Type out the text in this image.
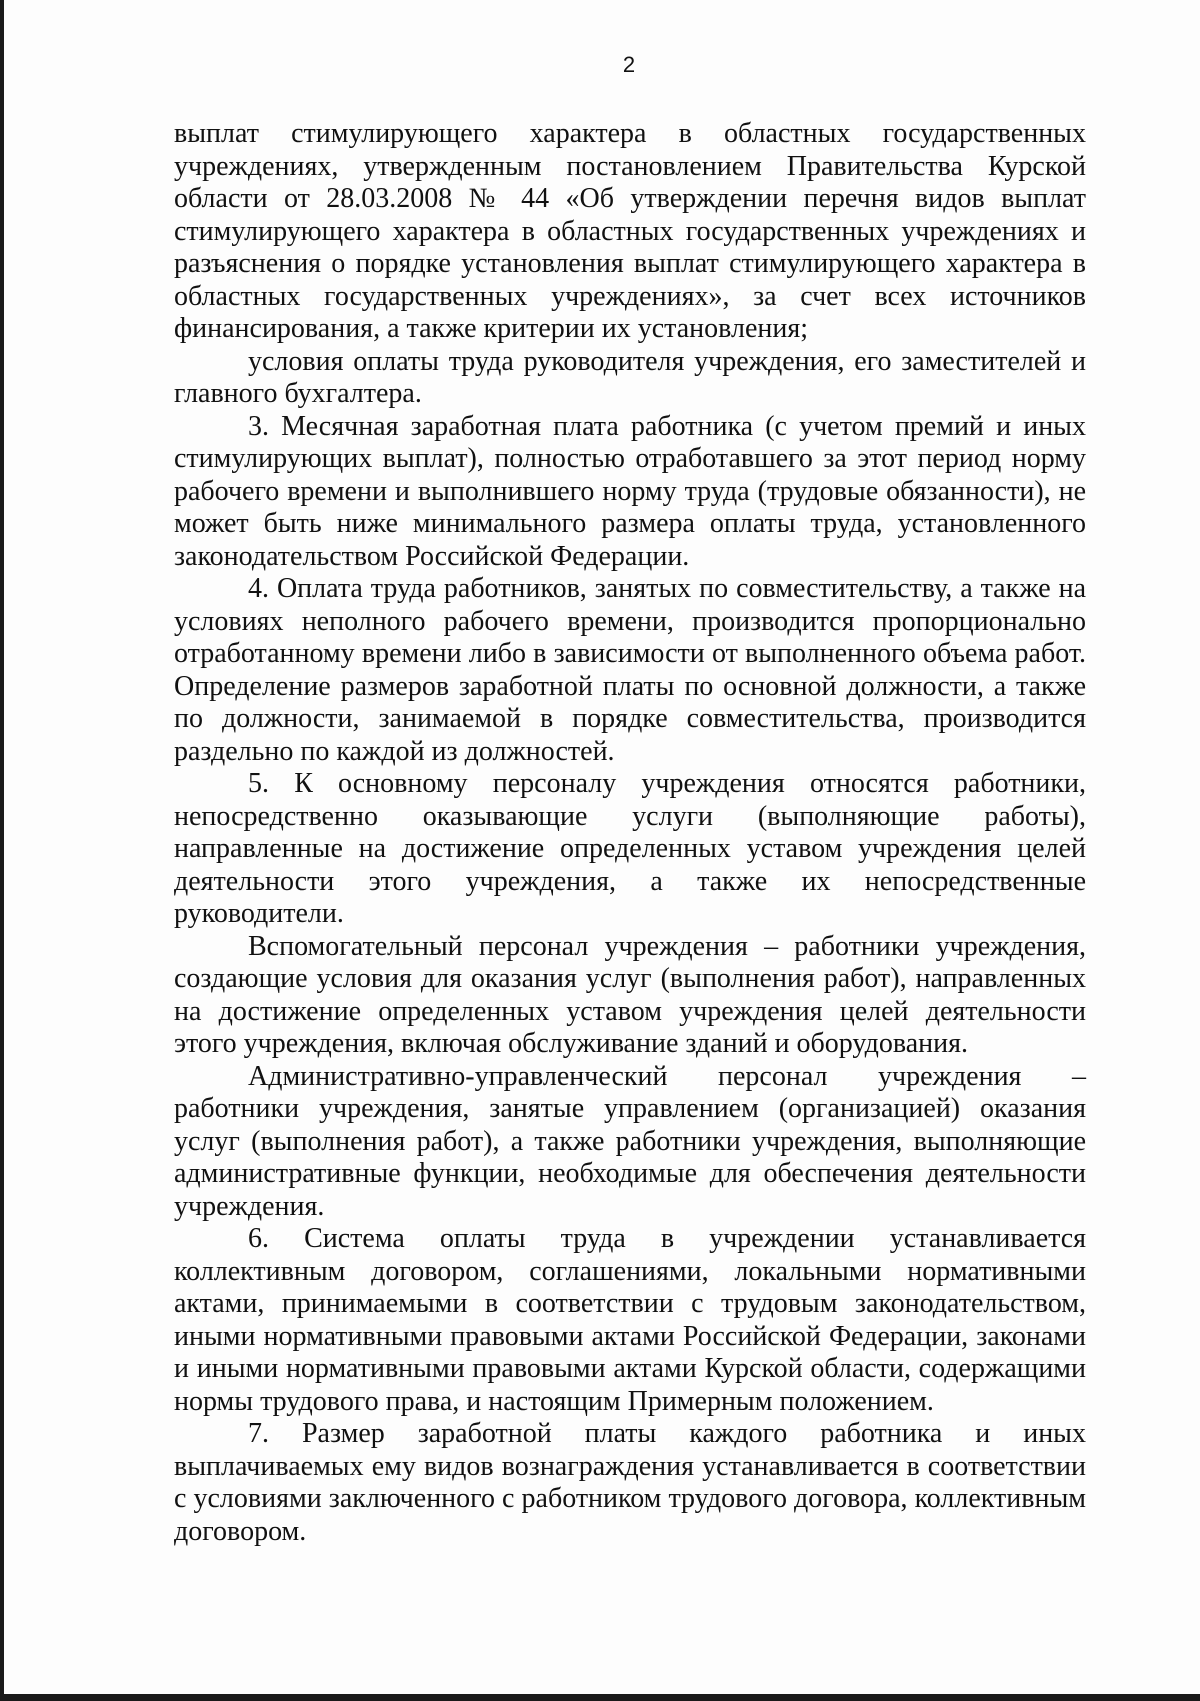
2

выплат стимулирующего характера в областных государственных учреждениях, утвержденным постановлением Правительства Курской области от 28.03.2008 № 44 «Об утверждении перечня видов выплат стимулирующего характера в областных государственных учреждениях и разъяснения о порядке установления выплат стимулирующего характера в областных государственных учреждениях», за счет всех источников финансирования, а также критерии их установления;

условия оплаты труда руководителя учреждения, его заместителей и главного бухгалтера.

3. Месячная заработная плата работника (с учетом премий и иных стимулирующих выплат), полностью отработавшего за этот период норму рабочего времени и выполнившего норму труда (трудовые обязанности), не может быть ниже минимального размера оплаты труда, установленного законодательством Российской Федерации.

4. Оплата труда работников, занятых по совместительству, а также на условиях неполного рабочего времени, производится пропорционально отработанному времени либо в зависимости от выполненного объема работ. Определение размеров заработной платы по основной должности, а также по должности, занимаемой в порядке совместительства, производится раздельно по каждой из должностей.

5. К основному персоналу учреждения относятся работники, непосредственно оказывающие услуги (выполняющие работы), направленные на достижение определенных уставом учреждения целей деятельности этого учреждения, а также их непосредственные руководители.

Вспомогательный персонал учреждения – работники учреждения, создающие условия для оказания услуг (выполнения работ), направленных на достижение определенных уставом учреждения целей деятельности этого учреждения, включая обслуживание зданий и оборудования.

Административно-управленческий персонал учреждения – работники учреждения, занятые управлением (организацией) оказания услуг (выполнения работ), а также работники учреждения, выполняющие административные функции, необходимые для обеспечения деятельности учреждения.

6. Система оплаты труда в учреждении устанавливается коллективным договором, соглашениями, локальными нормативными актами, принимаемыми в соответствии с трудовым законодательством, иными нормативными правовыми актами Российской Федерации, законами и иными нормативными правовыми актами Курской области, содержащими нормы трудового права, и настоящим Примерным положением.

7. Размер заработной платы каждого работника и иных выплачиваемых ему видов вознаграждения устанавливается в соответствии с условиями заключенного с работником трудового договора, коллективным договором.
